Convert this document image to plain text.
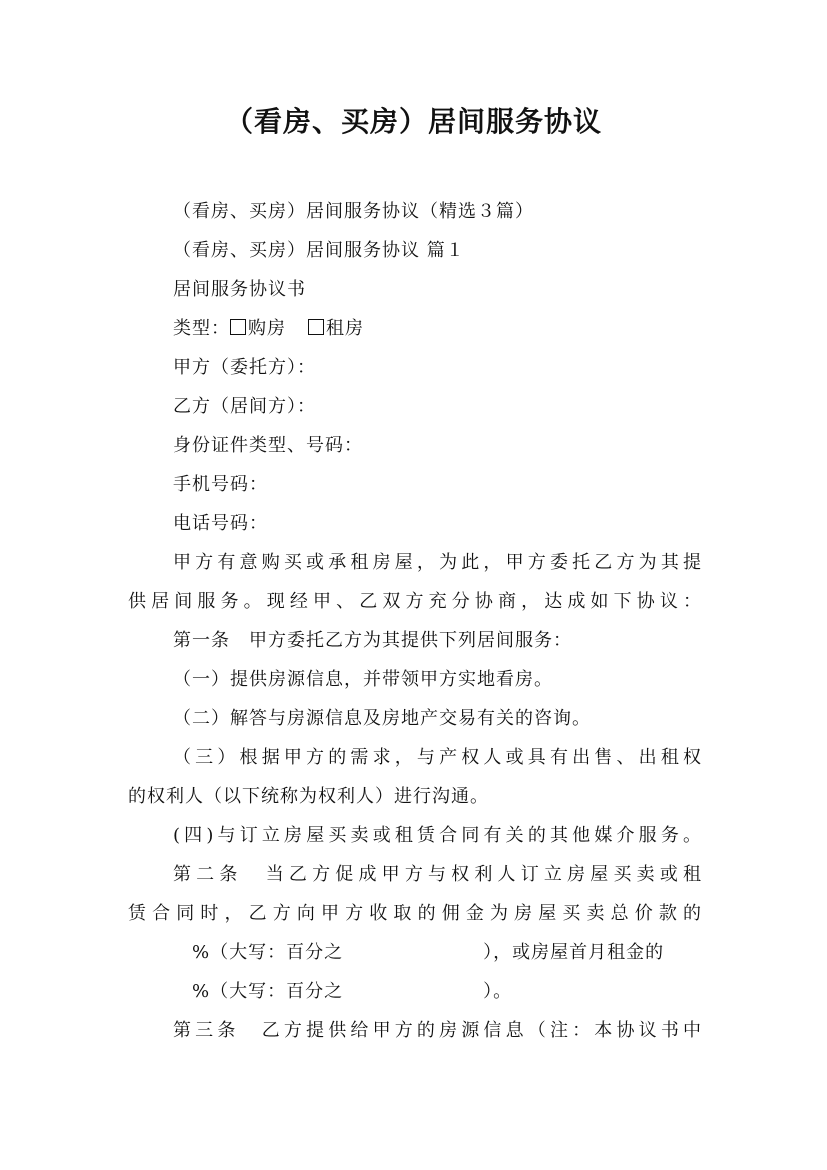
（看房、买房）居间服务协议
（看房、买房）居间服务协议（精选３篇）
（看房、买房）居间服务协议 篇１
居间服务协议书
类型： 购房 租房
甲方（委托方）：
乙方（居间方）：
身份证件类型、号码：
手机号码：
电话号码：
甲方有意购买或承租房屋，为此，甲方委托乙方为其提
供居间服务。现经甲、乙双方充分协商，达成如下协议：
第一条　甲方委托乙方为其提供下列居间服务：
（一）提供房源信息，并带领甲方实地看房。
（二）解答与房源信息及房地产交易有关的咨询。
（三）根据甲方的需求，与产权人或具有出售、出租权
的权利人（以下统称为权利人）进行沟通。
(四)与订立房屋买卖或租赁合同有关的其他媒介服务。
第二条　当乙方促成甲方与权利人订立房屋买卖或租
赁合同时，乙方向甲方收取的佣金为房屋买卖总价款的
%（大写：百分之	），或房屋首月租金的
%（大写：百分之	）。
第三条　乙方提供给甲方的房源信息（注：本协议书中
